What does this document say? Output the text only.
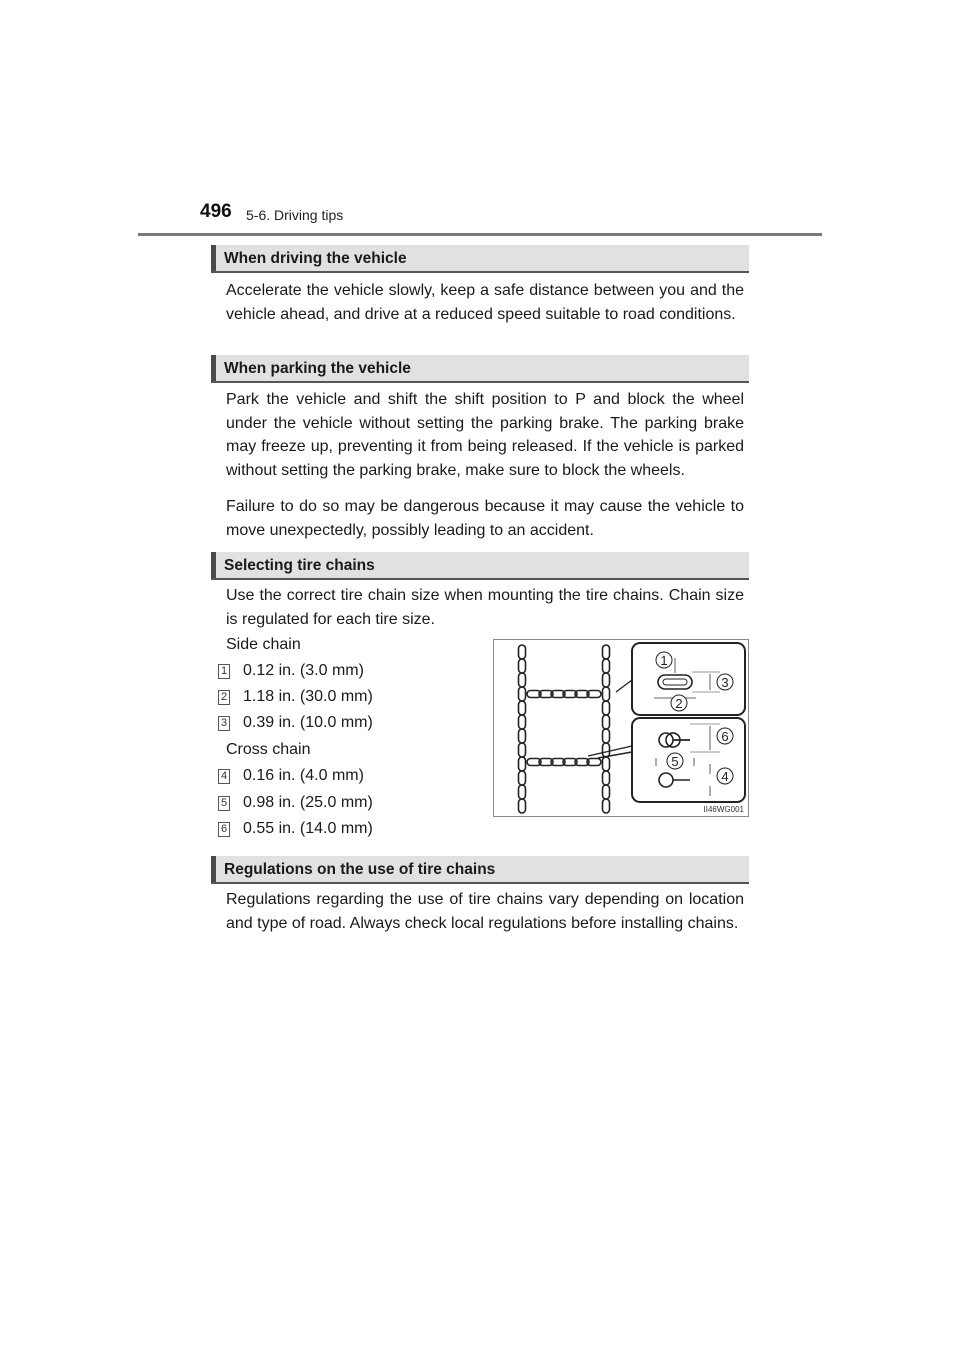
496 5-6. Driving tips
When driving the vehicle

Accelerate the vehicle slowly, keep a safe distance between you and the vehicle ahead, and drive at a reduced speed suitable to road conditions.

When parking the vehicle

Park the vehicle and shift the shift position to P and block the wheel under the vehicle without setting the parking brake. The parking brake may freeze up, preventing it from being released. If the vehicle is parked without setting the parking brake, make sure to block the wheels.

Failure to do so may be dangerous because it may cause the vehicle to move unexpectedly, possibly leading to an accident.

Selecting tire chains

Use the correct tire chain size when mounting the tire chains. Chain size is regulated for each tire size.

Side chain
1 0.12 in. (3.0 mm)
2 1.18 in. (30.0 mm)
3 0.39 in. (10.0 mm)
Cross chain
4 0.16 in. (4.0 mm)
5 0.98 in. (25.0 mm)
6 0.55 in. (14.0 mm)
1
2
3
5
6
4
II46WG001
Regulations on the use of tire chains

Regulations regarding the use of tire chains vary depending on location and type of road. Always check local regulations before installing chains.
